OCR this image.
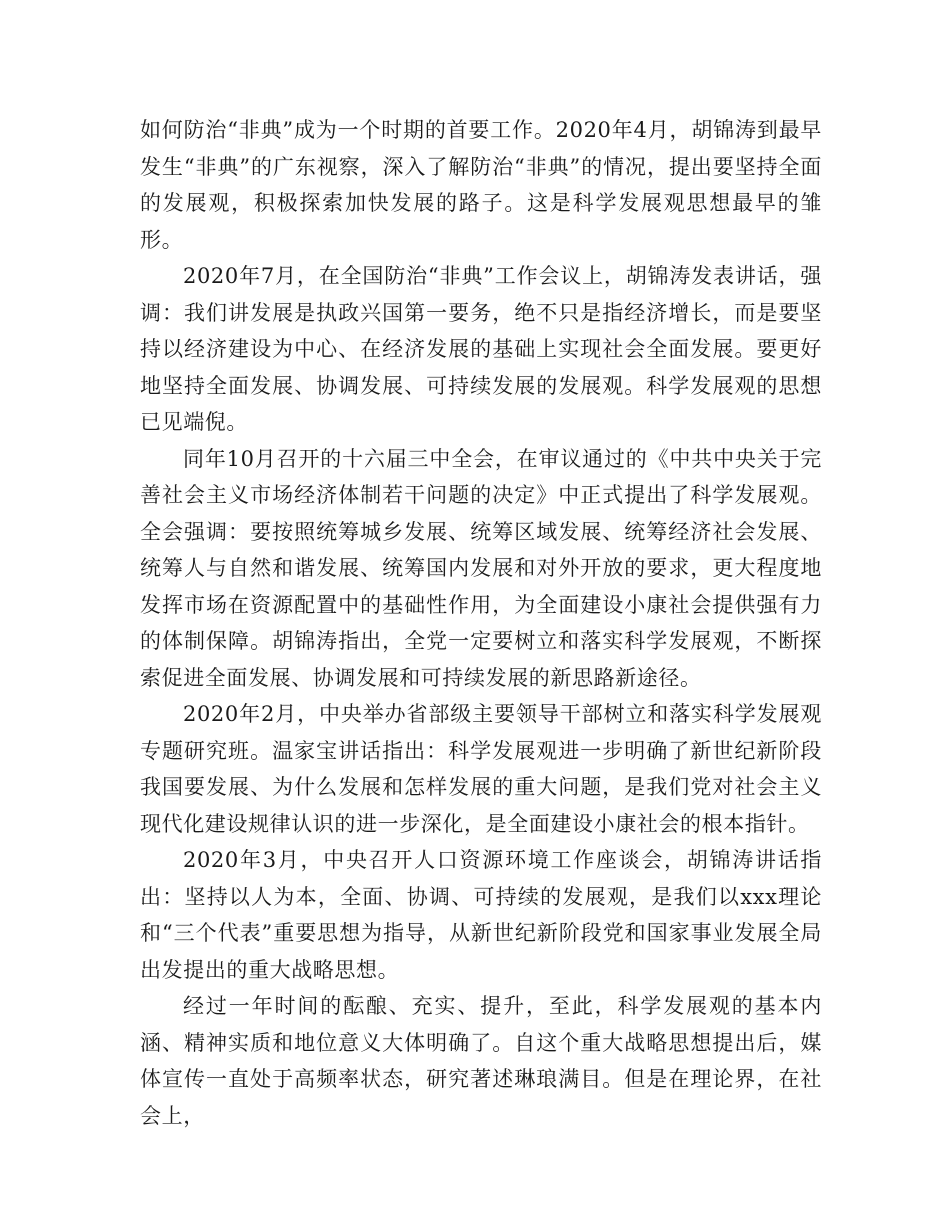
如何防治“非典”成为一个时期的首要工作。2020年4月，胡锦涛到最早发生“非典”的广东视察，深入了解防治“非典”的情况，提出要坚持全面的发展观，积极探索加快发展的路子。这是科学发展观思想最早的雏形。

2020年7月，在全国防治“非典”工作会议上，胡锦涛发表讲话，强调：我们讲发展是执政兴国第一要务，绝不只是指经济增长，而是要坚持以经济建设为中心、在经济发展的基础上实现社会全面发展。要更好地坚持全面发展、协调发展、可持续发展的发展观。科学发展观的思想已见端倪。

同年10月召开的十六届三中全会，在审议通过的《中共中央关于完善社会主义市场经济体制若干问题的决定》中正式提出了科学发展观。全会强调：要按照统筹城乡发展、统筹区域发展、统筹经济社会发展、统筹人与自然和谐发展、统筹国内发展和对外开放的要求，更大程度地发挥市场在资源配置中的基础性作用，为全面建设小康社会提供强有力的体制保障。胡锦涛指出，全党一定要树立和落实科学发展观，不断探索促进全面发展、协调发展和可持续发展的新思路新途径。

2020年2月，中央举办省部级主要领导干部树立和落实科学发展观专题研究班。温家宝讲话指出：科学发展观进一步明确了新世纪新阶段我国要发展、为什么发展和怎样发展的重大问题，是我们党对社会主义现代化建设规律认识的进一步深化，是全面建设小康社会的根本指针。

2020年3月，中央召开人口资源环境工作座谈会，胡锦涛讲话指出：坚持以人为本，全面、协调、可持续的发展观，是我们以xxx理论和“三个代表”重要思想为指导，从新世纪新阶段党和国家事业发展全局出发提出的重大战略思想。

经过一年时间的酝酿、充实、提升，至此，科学发展观的基本内涵、精神实质和地位意义大体明确了。自这个重大战略思想提出后，媒体宣传一直处于高频率状态，研究著述琳琅满目。但是在理论界，在社会上，
